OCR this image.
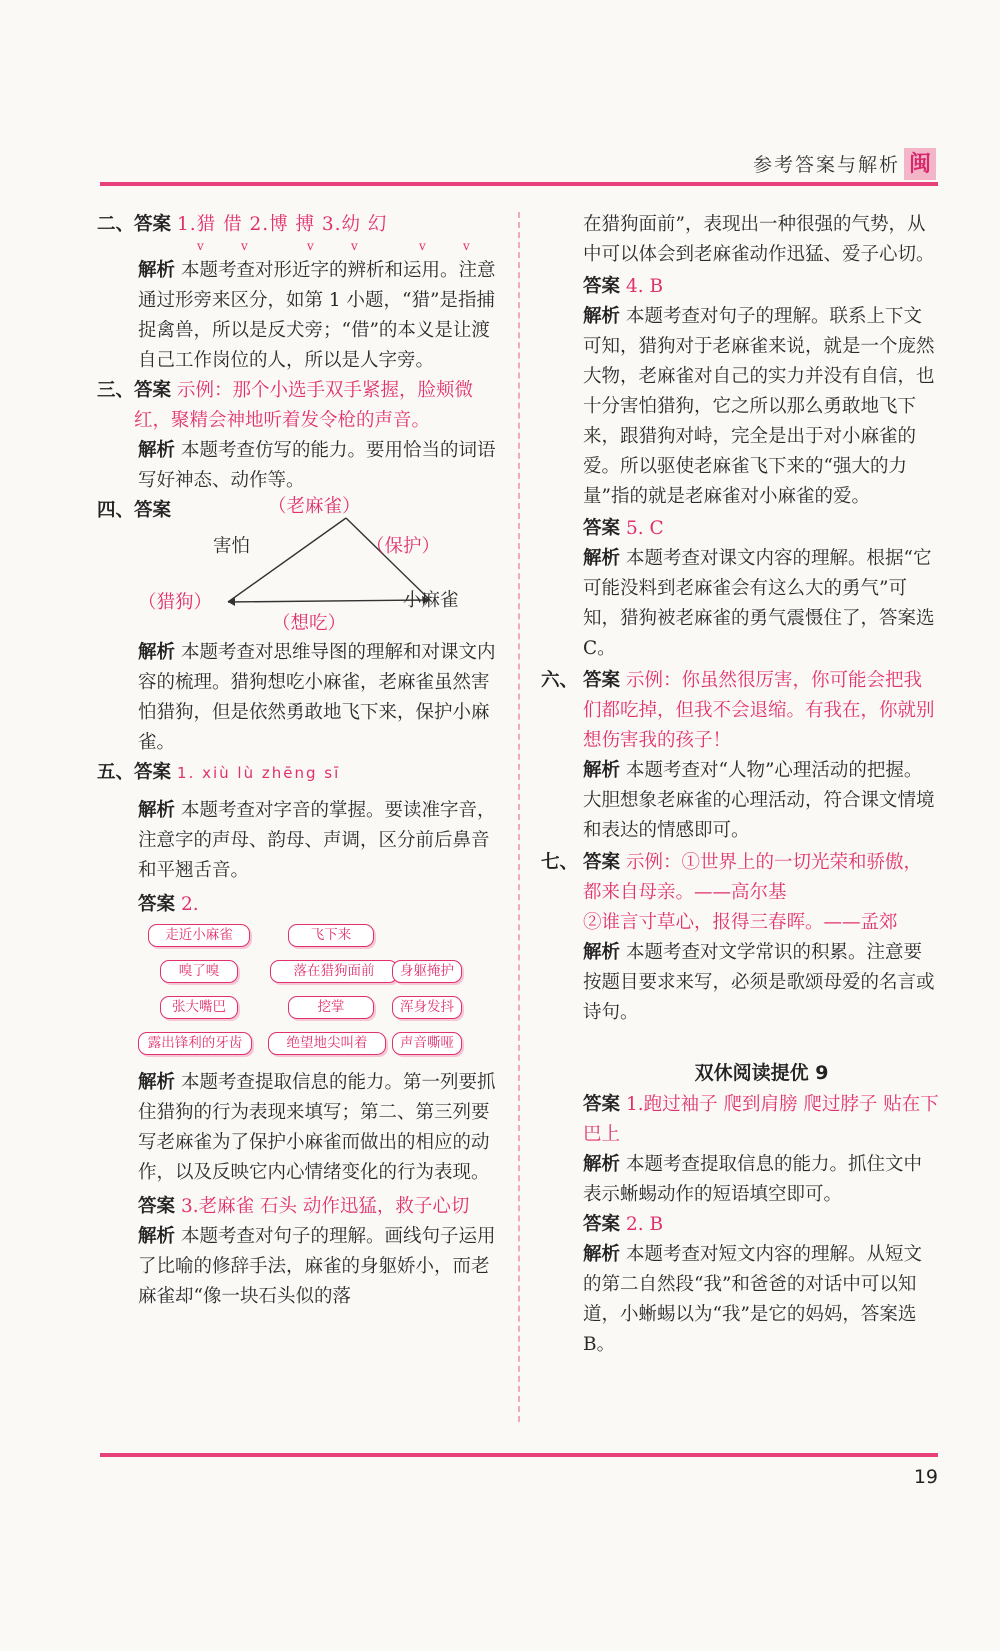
参考答案与解析 闽
二、答案 1.猎 借 2.博 搏 3.幼 幻
v	v	v	v	v	v
解析 本题考查对形近字的辨析和运用。注意通过形旁来区分，如第 1 小题，“猎”是指捕捉禽兽，所以是反犬旁；“借”的本义是让渡自己工作岗位的人，所以是人字旁。
三、 答案 示例：那个小选手双手紧握，脸颊微红，聚精会神地听着发令枪的声音。
解析 本题考查仿写的能力。要用恰当的词语写好神态、动作等。
四、答案	（老麻雀）
害怕	（保护）
（猎狗）	小麻雀
（想吃）
解析 本题考查对思维导图的理解和对课文内容的梳理。猎狗想吃小麻雀，老麻雀虽然害怕猎狗，但是依然勇敢地飞下来，保护小麻雀。
五、答案 1. xiù lù zhēng sī
解析 本题考查对字音的掌握。要读准字音，注意字的声母、韵母、声调，区分前后鼻音和平翘舌音。
答案 2.
走近小麻雀	飞下来
嗅了嗅	落在猎狗面前	身躯掩护
张大嘴巴	挖掌	浑身发抖
露出锋利的牙齿	绝望地尖叫着	声音嘶哑
解析 本题考查提取信息的能力。第一列要抓住猎狗的行为表现来填写；第二、第三列要写老麻雀为了保护小麻雀而做出的相应的动作，以及反映它内心情绪变化的行为表现。
答案 3.老麻雀 石头 动作迅猛，救子心切
解析 本题考查对句子的理解。画线句子运用了比喻的修辞手法，麻雀的身躯娇小，而老麻雀却“像一块石头似的落
在猎狗面前”，表现出一种很强的气势，从中可以体会到老麻雀动作迅猛、爱子心切。
答案 4. B
解析 本题考查对句子的理解。联系上下文可知，猎狗对于老麻雀来说，就是一个庞然大物，老麻雀对自己的实力并没有自信，也十分害怕猎狗，它之所以那么勇敢地飞下来，跟猎狗对峙，完全是出于对小麻雀的爱。所以驱使老麻雀飞下来的“强大的力量”指的就是老麻雀对小麻雀的爱。
答案 5. C
解析 本题考查对课文内容的理解。根据“它可能没料到老麻雀会有这么大的勇气”可知，猎狗被老麻雀的勇气震慑住了，答案选 C。
六、 答案 示例：你虽然很厉害，你可能会把我们都吃掉，但我不会退缩。有我在，你就别想伤害我的孩子！
解析 本题考查对“人物”心理活动的把握。大胆想象老麻雀的心理活动，符合课文情境和表达的情感即可。
七、 答案 示例：①世界上的一切光荣和骄傲，都来自母亲。——高尔基
②谁言寸草心，报得三春晖。——孟郊
解析 本题考查对文学常识的积累。注意要按题目要求来写，必须是歌颂母爱的名言或诗句。
双休阅读提优 9
答案 1.跑过袖子 爬到肩膀 爬过脖子 贴在下巴上
解析 本题考查提取信息的能力。抓住文中表示蜥蜴动作的短语填空即可。
答案 2. B
解析 本题考查对短文内容的理解。从短文的第二自然段“我”和爸爸的对话中可以知道，小蜥蜴以为“我”是它的妈妈，答案选 B。
19
